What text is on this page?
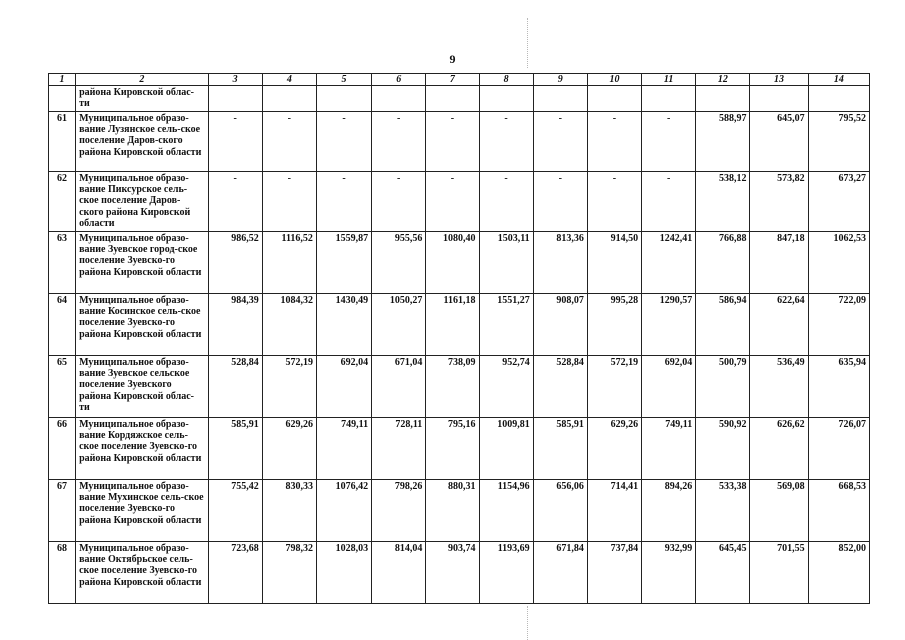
9
1	2	3	4	5	6	7	8	9	10	11	12	13	14
	района Кировской облас-ти												
61	Муниципальное образо-вание Лузянское сель-ское поселение Даров-ского района Кировской области	-	-	-	-	-	-	-	-	-	588,97	645,07	795,52
62	Муниципальное образо-вание Пиксурское сель-ское поселение Даров-ского района Кировской области	-	-	-	-	-	-	-	-	-	538,12	573,82	673,27
63	Муниципальное образо-вание Зуевское город-ское поселение Зуевско-го района Кировской области	986,52	1116,52	1559,87	955,56	1080,40	1503,11	813,36	914,50	1242,41	766,88	847,18	1062,53
64	Муниципальное образо-вание Косинское сель-ское поселение Зуевско-го района Кировской области	984,39	1084,32	1430,49	1050,27	1161,18	1551,27	908,07	995,28	1290,57	586,94	622,64	722,09
65	Муниципальное образо-вание Зуевское сельское поселение Зуевского района Кировской облас-ти	528,84	572,19	692,04	671,04	738,09	952,74	528,84	572,19	692,04	500,79	536,49	635,94
66	Муниципальное образо-вание Кордяжское сель-ское поселение Зуевско-го района Кировской области	585,91	629,26	749,11	728,11	795,16	1009,81	585,91	629,26	749,11	590,92	626,62	726,07
67	Муниципальное образо-вание Мухинское сель-ское поселение Зуевско-го района Кировской области	755,42	830,33	1076,42	798,26	880,31	1154,96	656,06	714,41	894,26	533,38	569,08	668,53
68	Муниципальное образо-вание Октябрьское сель-ское поселение Зуевско-го района Кировской области	723,68	798,32	1028,03	814,04	903,74	1193,69	671,84	737,84	932,99	645,45	701,55	852,00
